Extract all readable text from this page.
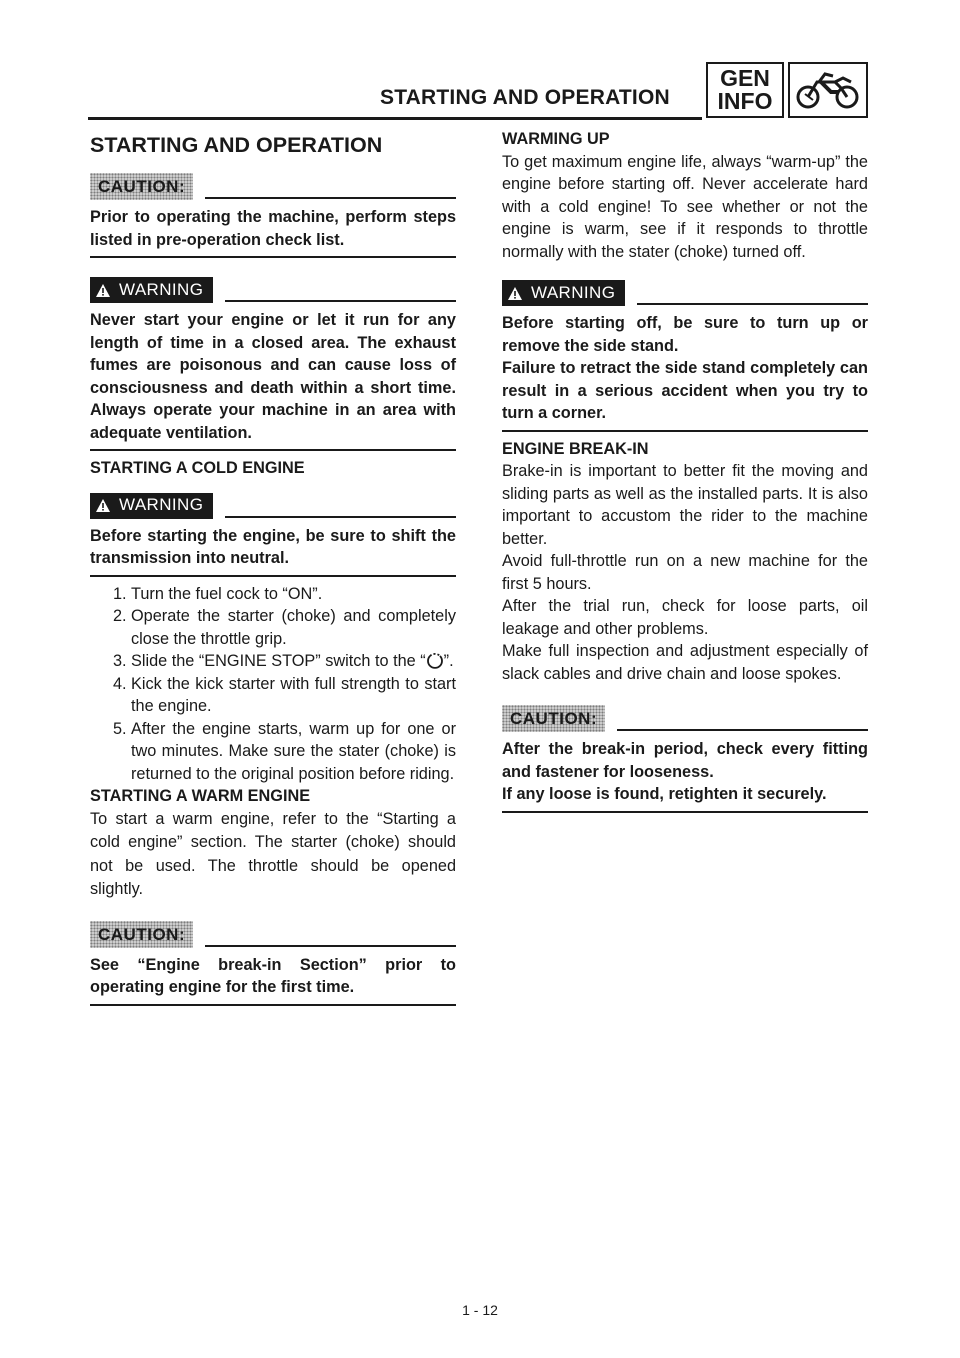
STARTING AND OPERATION
GEN
INFO
STARTING AND OPERATION
CAUTION:

Prior to operating the machine, perform steps listed in pre-operation check list.

WARNING

Never start your engine or let it run for any length of time in a closed area. The exhaust fumes are poisonous and can cause loss of consciousness and death within a short time. Always operate your machine in an area with adequate ventilation.

STARTING A COLD ENGINE

WARNING

Before starting the engine, be sure to shift the transmission into neutral.

1. Turn the fuel cock to “ON”.
2. Operate the starter (choke) and completely close the throttle grip.
3. Slide the “ENGINE STOP” switch to the “ ”.
4. Kick the kick starter with full strength to start the engine.
5. After the engine starts, warm up for one or two minutes. Make sure the stater (choke) is returned to the original position before riding.

STARTING A WARM ENGINE

To start a warm engine, refer to the “Starting a cold engine” section. The starter (choke) should not be used. The throttle should be opened slightly.

CAUTION:

See “Engine break-in Section” prior to operating engine for the first time.

WARMING UP

To get maximum engine life, always “warm-up” the engine before starting off. Never accelerate hard with a cold engine! To see whether or not the engine is warm, see if it responds to throttle normally with the stater (choke) turned off.

WARNING

Before starting off, be sure to turn up or remove the side stand.

Failure to retract the side stand completely can result in a serious accident when you try to turn a corner.

ENGINE BREAK-IN

Brake-in is important to better fit the moving and sliding parts as well as the installed parts. It is also important to accustom the rider to the machine better.

Avoid full-throttle run on a new machine for the first 5 hours.

After the trial run, check for loose parts, oil leakage and other problems.

Make full inspection and adjustment especially of slack cables and drive chain and loose spokes.

CAUTION:

After the break-in period, check every fitting and fastener for looseness.

If any loose is found, retighten it securely.

1 - 12
